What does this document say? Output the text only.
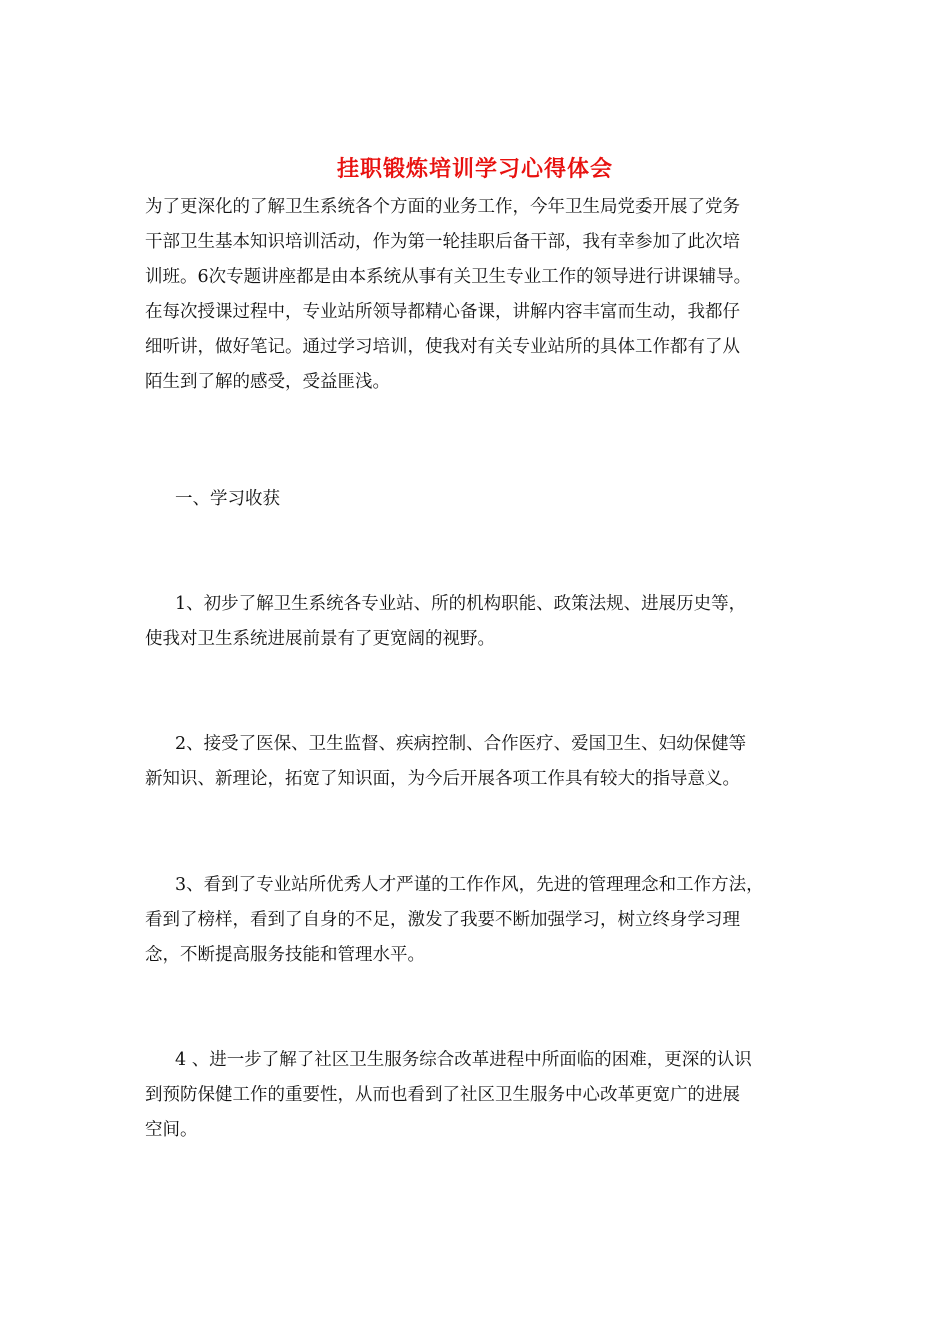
挂职锻炼培训学习心得体会
为了更深化的了解卫生系统各个方面的业务工作，今年卫生局党委开展了党务
干部卫生基本知识培训活动，作为第一轮挂职后备干部，我有幸参加了此次培
训班。6次专题讲座都是由本系统从事有关卫生专业工作的领导进行讲课辅导。
在每次授课过程中，专业站所领导都精心备课，讲解内容丰富而生动，我都仔
细听讲，做好笔记。通过学习培训，使我对有关专业站所的具体工作都有了从
陌生到了解的感受，受益匪浅。
一、学习收获
1、初步了解卫生系统各专业站、所的机构职能、政策法规、进展历史等，
使我对卫生系统进展前景有了更宽阔的视野。
2、接受了医保、卫生监督、疾病控制、合作医疗、爱国卫生、妇幼保健等
新知识、新理论，拓宽了知识面，为今后开展各项工作具有较大的指导意义。
3、看到了专业站所优秀人才严谨的工作作风，先进的管理理念和工作方法，
看到了榜样，看到了自身的不足，激发了我要不断加强学习，树立终身学习理
念，不断提高服务技能和管理水平。
4 、进一步了解了社区卫生服务综合改革进程中所面临的困难，更深的认识
到预防保健工作的重要性，从而也看到了社区卫生服务中心改革更宽广的进展
空间。
